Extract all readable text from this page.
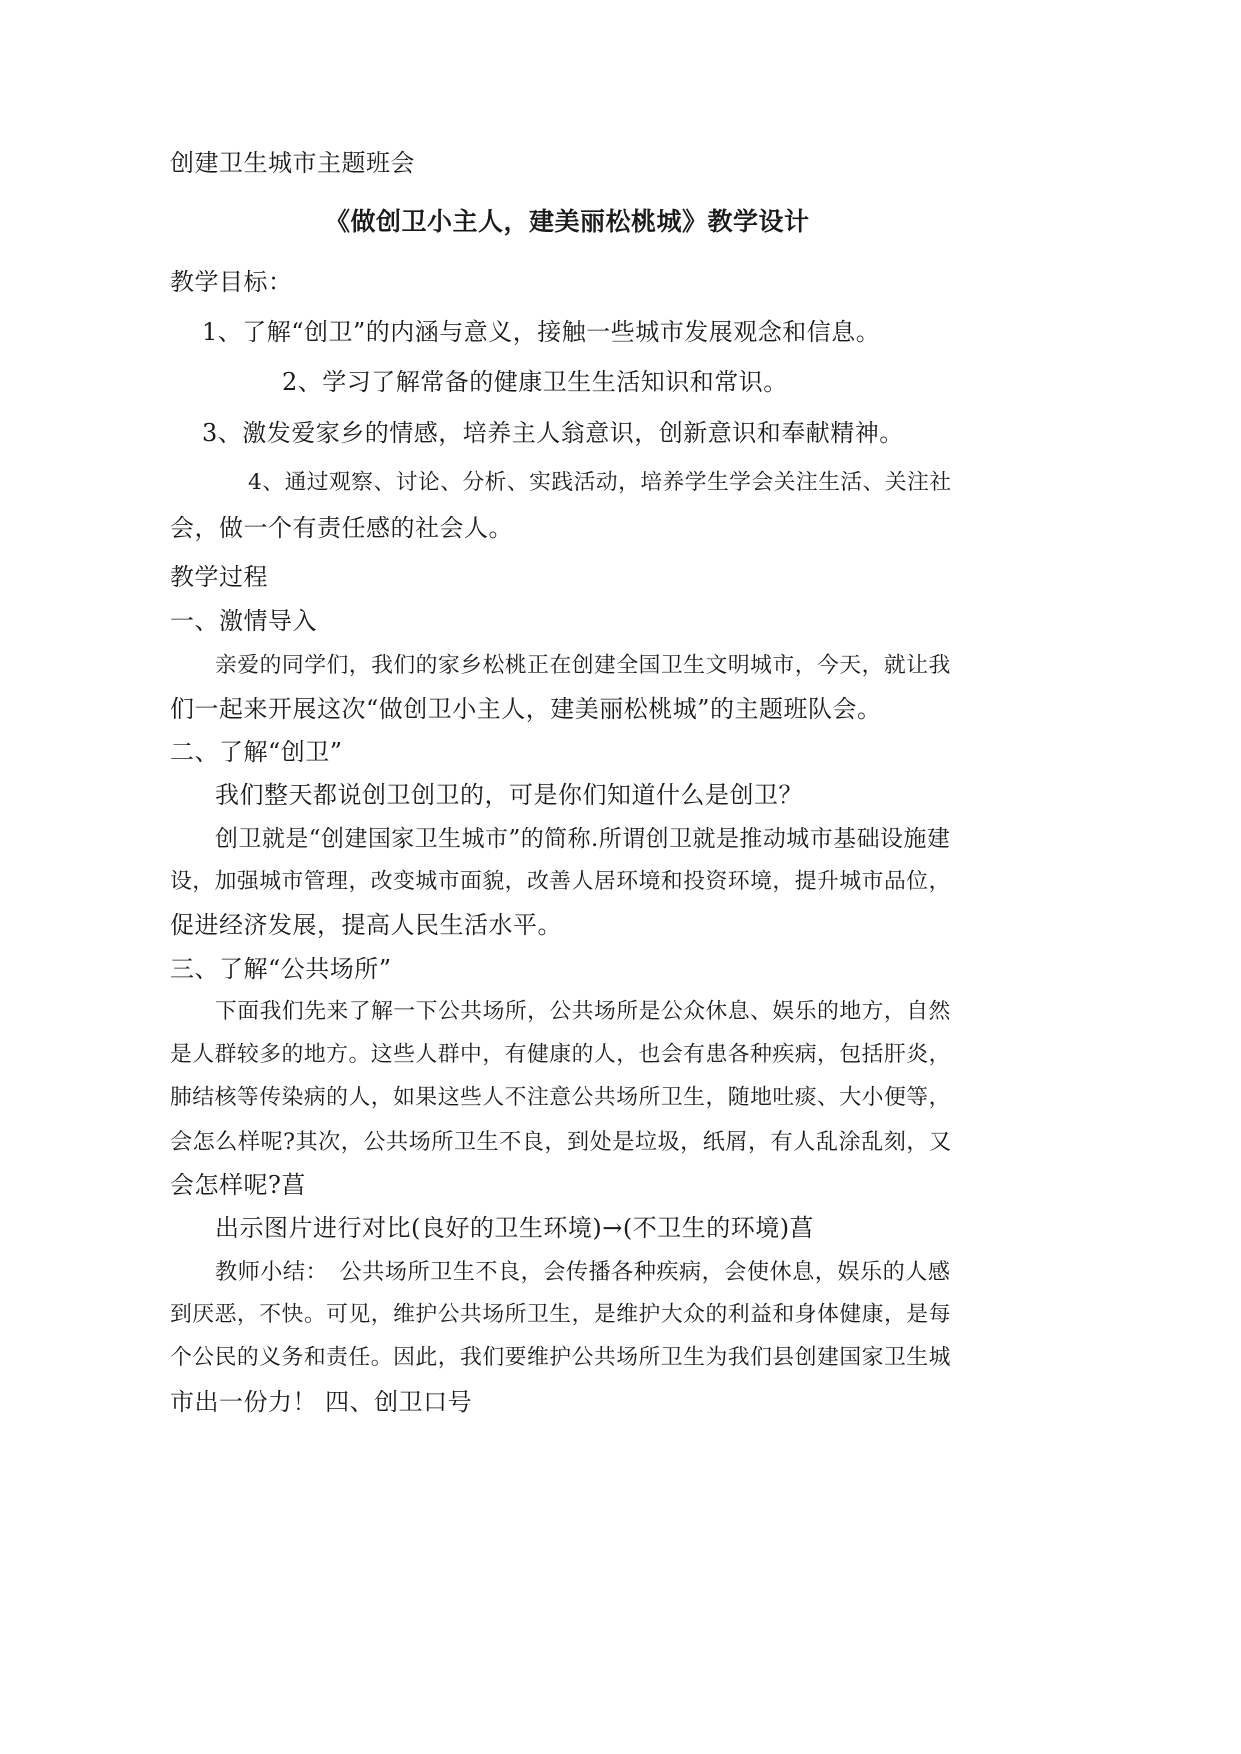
创建卫生城市主题班会
《做创卫小主人，建美丽松桃城》教学设计
教学目标：
1、了解“创卫”的内涵与意义，接触一些城市发展观念和信息。
2、学习了解常备的健康卫生生活知识和常识。
3、激发爱家乡的情感，培养主人翁意识，创新意识和奉献精神。
4、通过观察、讨论、分析、实践活动，培养学生学会关注生活、关注社
会，做一个有责任感的社会人。
教学过程
一、激情导入
亲爱的同学们，我们的家乡松桃正在创建全国卫生文明城市，今天，就让我
们一起来开展这次“做创卫小主人，建美丽松桃城”的主题班队会。
二、了解“创卫”
我们整天都说创卫创卫的，可是你们知道什么是创卫？
创卫就是“创建国家卫生城市”的简称.所谓创卫就是推动城市基础设施建
设，加强城市管理，改变城市面貌，改善人居环境和投资环境，提升城市品位，
促进经济发展，提高人民生活水平。
三、了解“公共场所”
下面我们先来了解一下公共场所，公共场所是公众休息、娱乐的地方，自然
是人群较多的地方。这些人群中，有健康的人，也会有患各种疾病，包括肝炎，
肺结核等传染病的人，如果这些人不注意公共场所卫生，随地吐痰、大小便等，
会怎么样呢?其次，公共场所卫生不良，到处是垃圾，纸屑，有人乱涂乱刻，又
会怎样呢?菖
出示图片进行对比(良好的卫生环境)→(不卫生的环境)菖
教师小结：　公共场所卫生不良，会传播各种疾病，会使休息，娱乐的人感
到厌恶，不快。可见，维护公共场所卫生，是维护大众的利益和身体健康，是每
个公民的义务和责任。因此，我们要维护公共场所卫生为我们县创建国家卫生城
市出一份力！ 四、创卫口号
